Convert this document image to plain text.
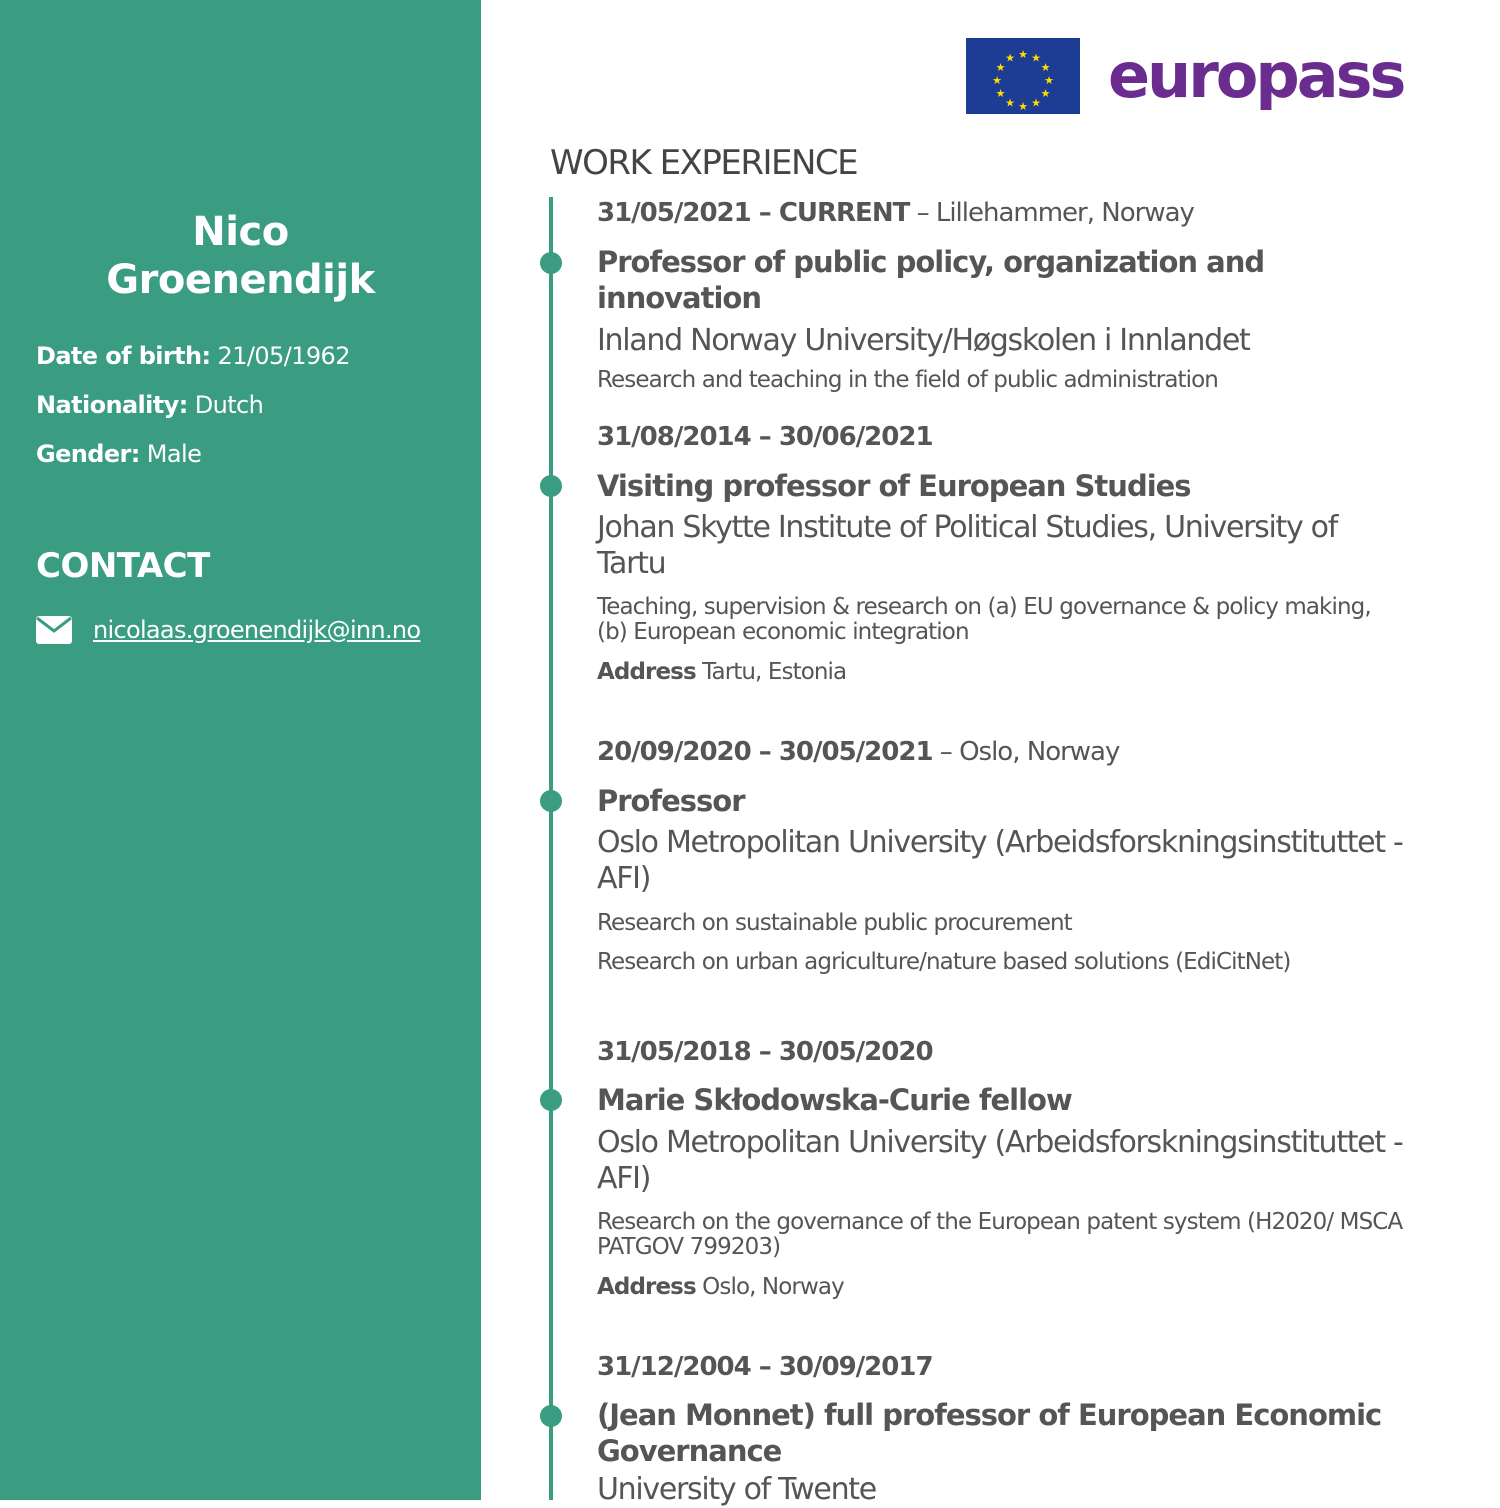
Nico
Groenendijk
Date of birth: 21/05/1962
Nationality: Dutch
Gender: Male
CONTACT
nicolaas.groenendijk@inn.no
★ ★
★
★
★
★
★
★
★
★
★
★ europass
WORK EXPERIENCE
31/05/2021 – CURRENT – Lillehammer, Norway
Professor of public policy, organization and innovation
Inland Norway University/Høgskolen i Innlandet
Research and teaching in the field of public administration
31/08/2014 – 30/06/2021
Visiting professor of European Studies
Johan Skytte Institute of Political Studies, University of Tartu
Teaching, supervision & research on (a) EU governance & policy making, (b) European economic integration
Address Tartu, Estonia
20/09/2020 – 30/05/2021 – Oslo, Norway
Professor
Oslo Metropolitan University (Arbeidsforskningsinstituttet - AFI)
Research on sustainable public procurement
Research on urban agriculture/nature based solutions (EdiCitNet)
31/05/2018 – 30/05/2020
Marie Skłodowska-Curie fellow
Oslo Metropolitan University (Arbeidsforskningsinstituttet - AFI)
Research on the governance of the European patent system (H2020/ MSCA PATGOV 799203)
Address Oslo, Norway
31/12/2004 – 30/09/2017
(Jean Monnet) full professor of European Economic Governance
University of Twente
